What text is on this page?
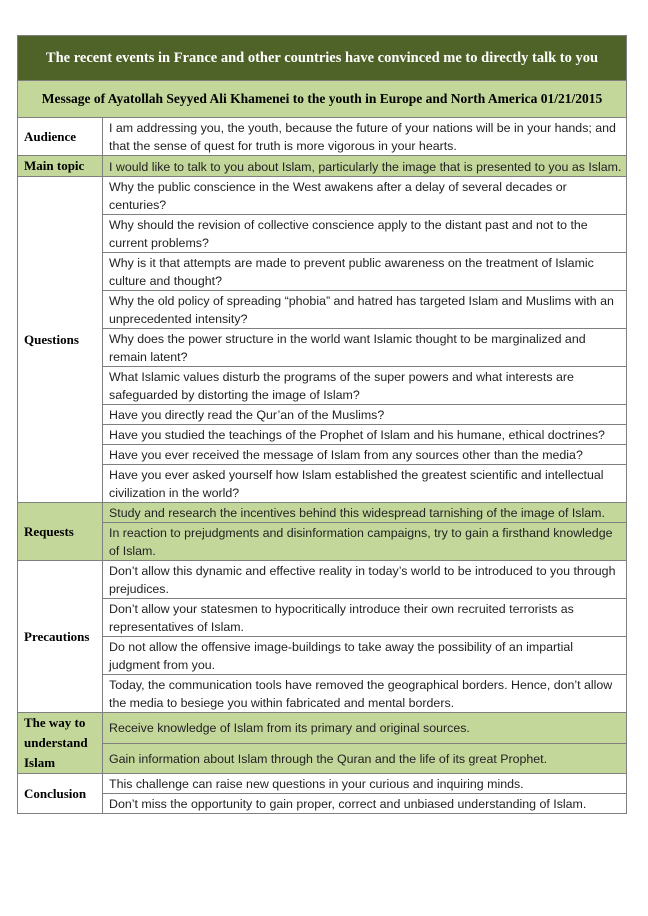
The recent events in France and other countries have convinced me to directly talk to you	
Message of Ayatollah Seyyed Ali Khamenei to the youth in Europe and North America 01/21/2015	
Audience	I am addressing you, the youth, because the future of your nations will be in your hands; and that the sense of quest for truth is more vigorous in your hearts.
Main topic	I would like to talk to you about Islam, particularly the image that is presented to you as Islam.
Questions	Why the public conscience in the West awakens after a delay of several decades or centuries?
	Why should the revision of collective conscience apply to the distant past and not to the current problems?
	Why is it that attempts are made to prevent public awareness on the treatment of Islamic culture and thought?
	Why the old policy of spreading “phobia” and hatred has targeted Islam and Muslims with an unprecedented intensity?
	Why does the power structure in the world want Islamic thought to be marginalized and remain latent?
	What Islamic values disturb the programs of the super powers and what interests are safeguarded by distorting the image of Islam?
	Have you directly read the Qur’an of the Muslims?
	Have you studied the teachings of the Prophet of Islam and his humane, ethical doctrines?
	Have you ever received the message of Islam from any sources other than the media?
	Have you ever asked yourself how Islam established the greatest scientific and intellectual civilization in the world?
Requests	Study and research the incentives behind this widespread tarnishing of the image of Islam.
	In reaction to prejudgments and disinformation campaigns, try to gain a firsthand knowledge of Islam.
Precautions	Don’t allow this dynamic and effective reality in today’s world to be introduced to you through prejudices.
	Don’t allow your statesmen to hypocritically introduce their own recruited terrorists as representatives of Islam.
	Do not allow the offensive image-buildings to take away the possibility of an impartial judgment from you.
	Today, the communication tools have removed the geographical borders. Hence, don’t allow the media to besiege you within fabricated and mental borders.
The way to understand Islam	Receive knowledge of Islam from its primary and original sources.
	Gain information about Islam through the Quran and the life of its great Prophet.
Conclusion	This challenge can raise new questions in your curious and inquiring minds.
	Don’t miss the opportunity to gain proper, correct and unbiased understanding of Islam.
